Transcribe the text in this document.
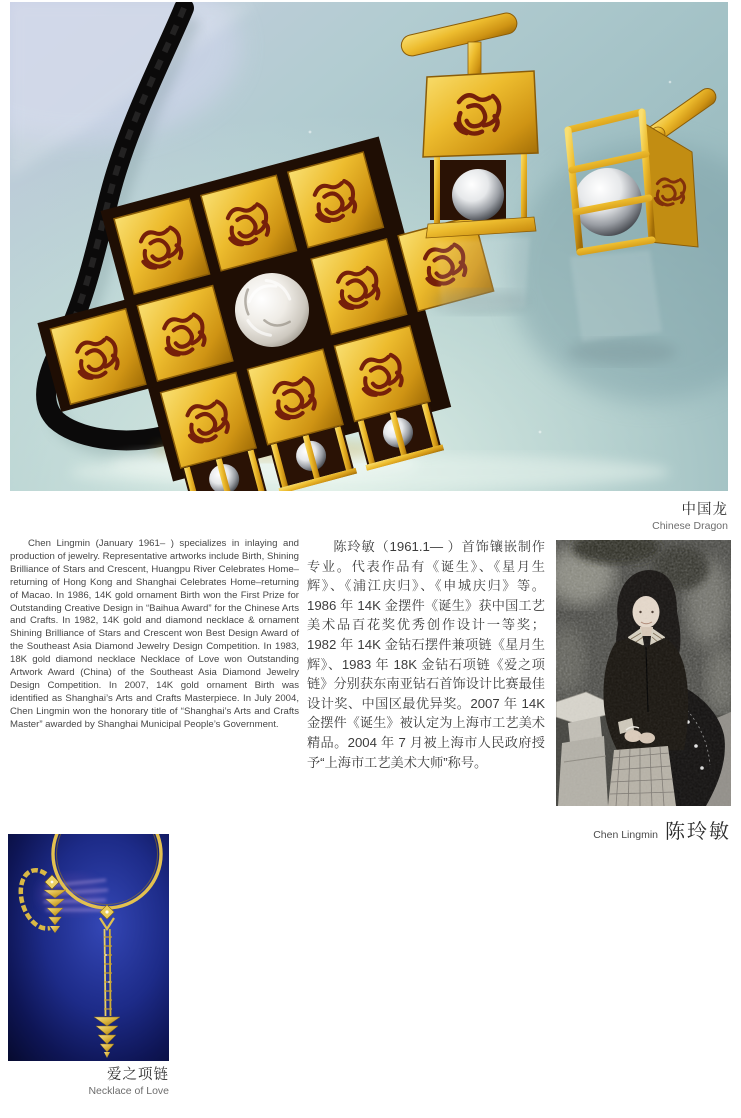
中国龙
Chinese Dragon
Chen Lingmin (January 1961– ) specializes in inlaying and production of jewelry. Representative artworks include Birth, Shining Brilliance of Stars and Crescent, Huangpu River Celebrates Home–returning of Hong Kong and Shanghai Celebrates Home–returning of Macao. In 1986, 14K gold ornament Birth won the First Prize for Outstanding Creative Design in “Baihua Award” for the Chinese Arts and Crafts. In 1982, 14K gold and diamond necklace & ornament Shining Brilliance of Stars and Crescent won Best Design Award of the Southeast Asia Diamond Jewelry Design Competition. In 1983, 18K gold diamond necklace Necklace of Love won Outstanding Artwork Award (China) of the Southeast Asia Diamond Jewelry Design Competition. In 2007, 14K gold ornament Birth was identified as Shanghai’s Arts and Crafts Masterpiece. In July 2004, Chen Lingmin won the honorary title of “Shanghai’s Arts and Crafts Master” awarded by Shanghai Municipal People’s Government.
陈玲敏（1961.1— ）首饰镶嵌制作专业。代表作品有《诞生》、《星月生辉》、《浦江庆归》、《申城庆归》等。1986 年 14K 金摆件《诞生》获中国工艺美术品百花奖优秀创作设计一等奖；1982 年 14K 金钻石摆件兼项链《星月生辉》、1983 年 18K 金钻石项链《爱之项链》分别获东南亚钻石首饰设计比赛最佳设计奖、中国区最优异奖。2007 年 14K 金摆件《诞生》被认定为上海市工艺美术精品。2004 年 7 月被上海市人民政府授予“上海市工艺美术大师”称号。
Chen Lingmin 陈玲敏
爱之项链
Necklace of Love
